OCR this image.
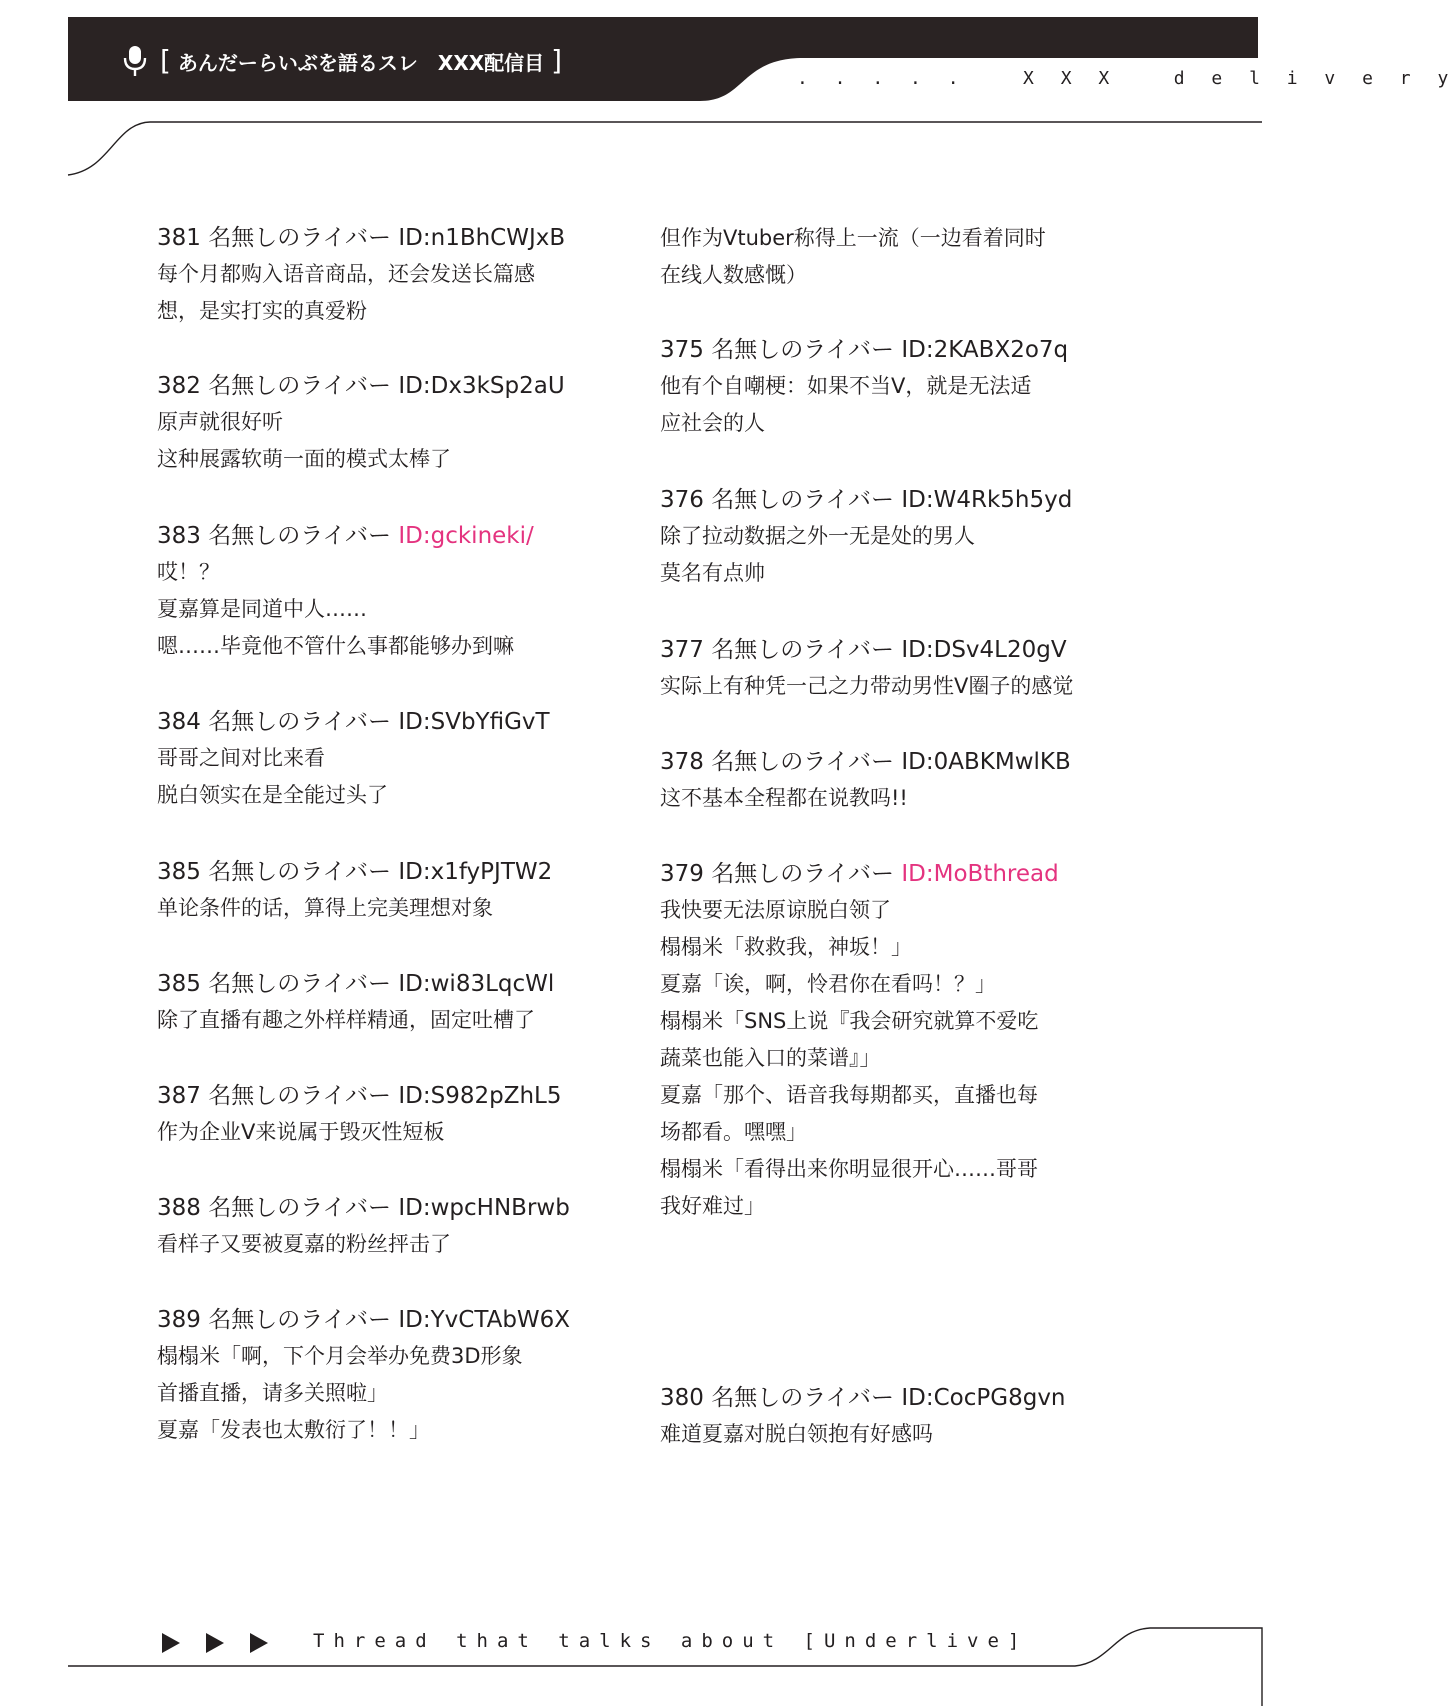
[ あんだーらいぶを語るスレ　XXX配信目 ]
. . . . .   X X X   d e l i v e r y
381 名無しのライバー ID:n1BhCWJxB
每个月都购入语音商品，还会发送长篇感
想，是实打实的真爱粉
382 名無しのライバー ID:Dx3kSp2aU
原声就很好听
这种展露软萌一面的模式太棒了
383 名無しのライバー ID:gckineki/
哎！？
夏嘉算是同道中人……
嗯……毕竟他不管什么事都能够办到嘛
384 名無しのライバー ID:SVbYfiGvT
哥哥之间对比来看
脱白领实在是全能过头了
385 名無しのライバー ID:x1fyPJTW2
单论条件的话，算得上完美理想对象
385 名無しのライバー ID:wi83LqcWl
除了直播有趣之外样样精通，固定吐槽了
387 名無しのライバー ID:S982pZhL5
作为企业V来说属于毁灭性短板
388 名無しのライバー ID:wpcHNBrwb
看样子又要被夏嘉的粉丝抨击了
389 名無しのライバー ID:YvCTAbW6X
榻榻米「啊，下个月会举办免费3D形象
首播直播，请多关照啦」
夏嘉「发表也太敷衍了！！」
但作为Vtuber称得上一流（一边看着同时
在线人数感慨）
375 名無しのライバー ID:2KABX2o7q
他有个自嘲梗：如果不当V，就是无法适
应社会的人
376 名無しのライバー ID:W4Rk5h5yd
除了拉动数据之外一无是处的男人
莫名有点帅
377 名無しのライバー ID:DSv4L20gV
实际上有种凭一己之力带动男性V圈子的感觉
378 名無しのライバー ID:0ABKMwlKB
这不基本全程都在说教吗!!
379 名無しのライバー ID:MoBthread
我快要无法原谅脱白领了
榻榻米「救救我，神坂！」
夏嘉「诶，啊，怜君你在看吗！？」
榻榻米「SNS上说『我会研究就算不爱吃
蔬菜也能入口的菜谱』」
夏嘉「那个、语音我每期都买，直播也每
场都看。嘿嘿」
榻榻米「看得出来你明显很开心……哥哥
我好难过」
380 名無しのライバー ID:CocPG8gvn
难道夏嘉对脱白领抱有好感吗
Thread that talks about [Underlive]
